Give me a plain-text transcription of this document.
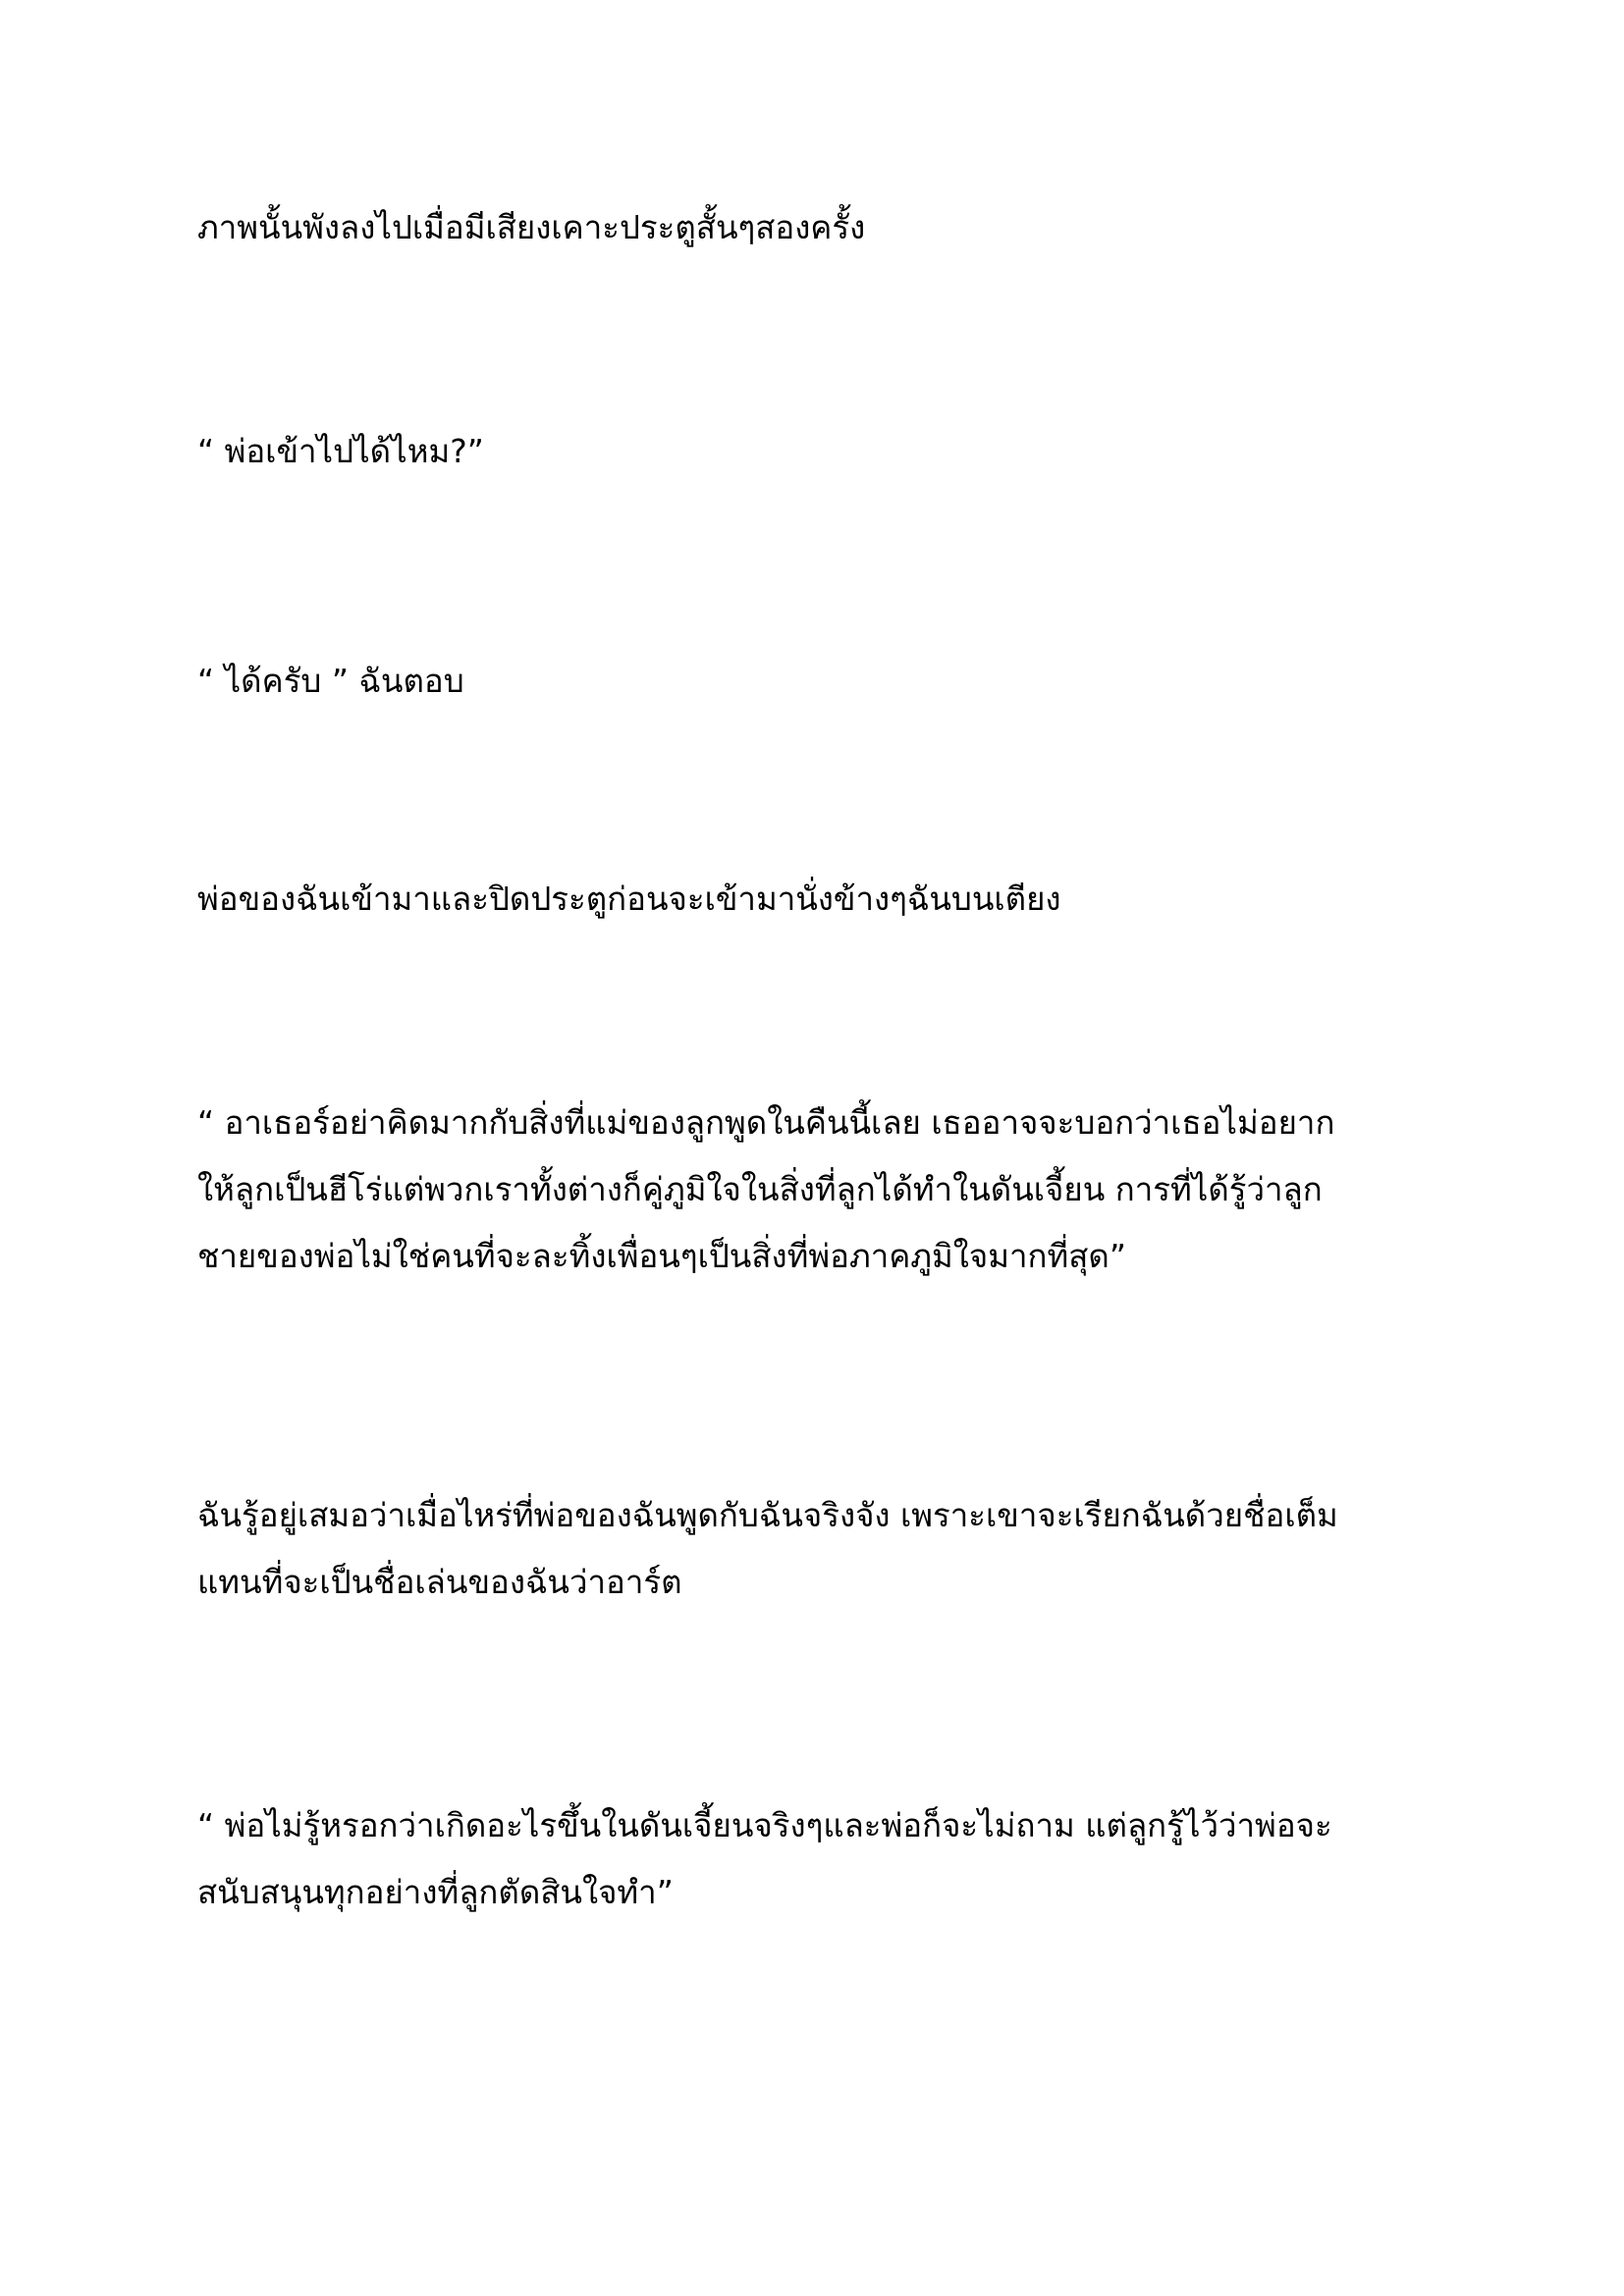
ภาพนั้นพังลงไปเมื่อมีเสียงเคาะประตูสั้นๆสองครั้ง

“ พ่อเข้าไปได้ไหม?”

“ ได้ครับ ” ฉันตอบ

พ่อของฉันเข้ามาและปิดประตูก่อนจะเข้ามานั่งข้างๆฉันบนเตียง

“ อาเธอร์อย่าคิดมากกับสิ่งที่แม่ของลูกพูดในคืนนี้เลย เธออาจจะบอกว่าเธอไม่อยาก
ให้ลูกเป็นฮีโร่แต่พวกเราทั้งต่างก็คู่ภูมิใจในสิ่งที่ลูกได้ทำในดันเจี้ยน การที่ได้รู้ว่าลูก
ชายของพ่อไม่ใช่คนที่จะละทิ้งเพื่อนๆเป็นสิ่งที่พ่อภาคภูมิใจมากที่สุด”

ฉันรู้อยู่เสมอว่าเมื่อไหร่ที่พ่อของฉันพูดกับฉันจริงจัง เพราะเขาจะเรียกฉันด้วยชื่อเต็ม
แทนที่จะเป็นชื่อเล่นของฉันว่าอาร์ต

“ พ่อไม่รู้หรอกว่าเกิดอะไรขึ้นในดันเจี้ยนจริงๆและพ่อก็จะไม่ถาม แต่ลูกรู้ไว้ว่าพ่อจะ
สนับสนุนทุกอย่างที่ลูกตัดสินใจทำ”
